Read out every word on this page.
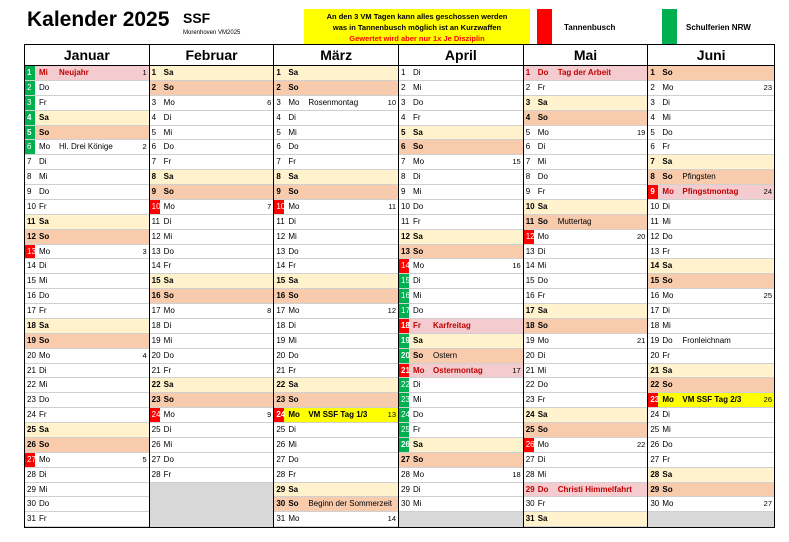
Kalender 2025 SSF
Morenhoven VM2025
An den 3 VM Tagen kann alles geschossen werden
was in Tannenbusch möglich ist an Kurzwaffen
Gewertet wird aber nur 1x Je Disziplin
Tannenbusch	Schulferien NRW
Januar
1 Mi Neujahr	1
2 Do
3 Fr
4 Sa
5 So
6 Mo Hl. Drei Könige	2
7 Di
8 Mi
9 Do
10 Fr
11 Sa
12 So
13 Mo	3
14 Di
15 Mi
16 Do
17 Fr
18 Sa
19 So
20 Mo	4
21 Di
22 Mi
23 Do
24 Fr
25 Sa
26 So
27 Mo	5
28 Di
29 Mi
30 Do
31 Fr
Februar
1 Sa
2 So
3 Mo	6
4 Di
5 Mi
6 Do
7 Fr
8 Sa
9 So
10 Mo	7
11 Di
12 Mi
13 Do
14 Fr
15 Sa
16 So
17 Mo	8
18 Di
19 Mi
20 Do
21 Fr
22 Sa
23 So
24 Mo	9
25 Di
26 Mi
27 Do
28 Fr
März
1 Sa
2 So
3 Mo Rosenmontag	10
4 Di
5 Mi
6 Do
7 Fr
8 Sa
9 So
10 Mo	11
11 Di
12 Mi
13 Do
14 Fr
15 Sa
16 So
17 Mo	12
18 Di
19 Mi
20 Do
21 Fr
22 Sa
23 So
24 Mo VM SSF Tag 1/3	13
25 Di
26 Mi
27 Do
28 Fr
29 Sa
30 So Beginn der Sommerzeit
31 Mo	14
April
1 Di
2 Mi
3 Do
4 Fr
5 Sa
6 So
7 Mo	15
8 Di
9 Mi
10 Do
11 Fr
12 Sa
13 So
14 Mo	16
15 Di
16 Mi
17 Do
18 Fr Karfreitag
19 Sa
20 So Ostern
21 Mo Ostermontag	17
22 Di
23 Mi
24 Do
25 Fr
26 Sa
27 So
28 Mo	18
29 Di
30 Mi
Mai
1 Do Tag der Arbeit
2 Fr
3 Sa
4 So
5 Mo	19
6 Di
7 Mi
8 Do
9 Fr
10 Sa
11 So Muttertag
12 Mo	20
13 Di
14 Mi
15 Do
16 Fr
17 Sa
18 So
19 Mo	21
20 Di
21 Mi
22 Do
23 Fr
24 Sa
25 So
26 Mo	22
27 Di
28 Mi
29 Do Christi Himmelfahrt
30 Fr
31 Sa
Juni
1 So
2 Mo	23
3 Di
4 Mi
5 Do
6 Fr
7 Sa
8 So Pfingsten
9 Mo Pfingstmontag	24
10 Di
11 Mi
12 Do
13 Fr
14 Sa
15 So
16 Mo	25
17 Di
18 Mi
19 Do Fronleichnam
20 Fr
21 Sa
22 So
23 Mo VM SSF Tag 2/3	26
24 Di
25 Mi
26 Do
27 Fr
28 Sa
29 So
30 Mo	27
